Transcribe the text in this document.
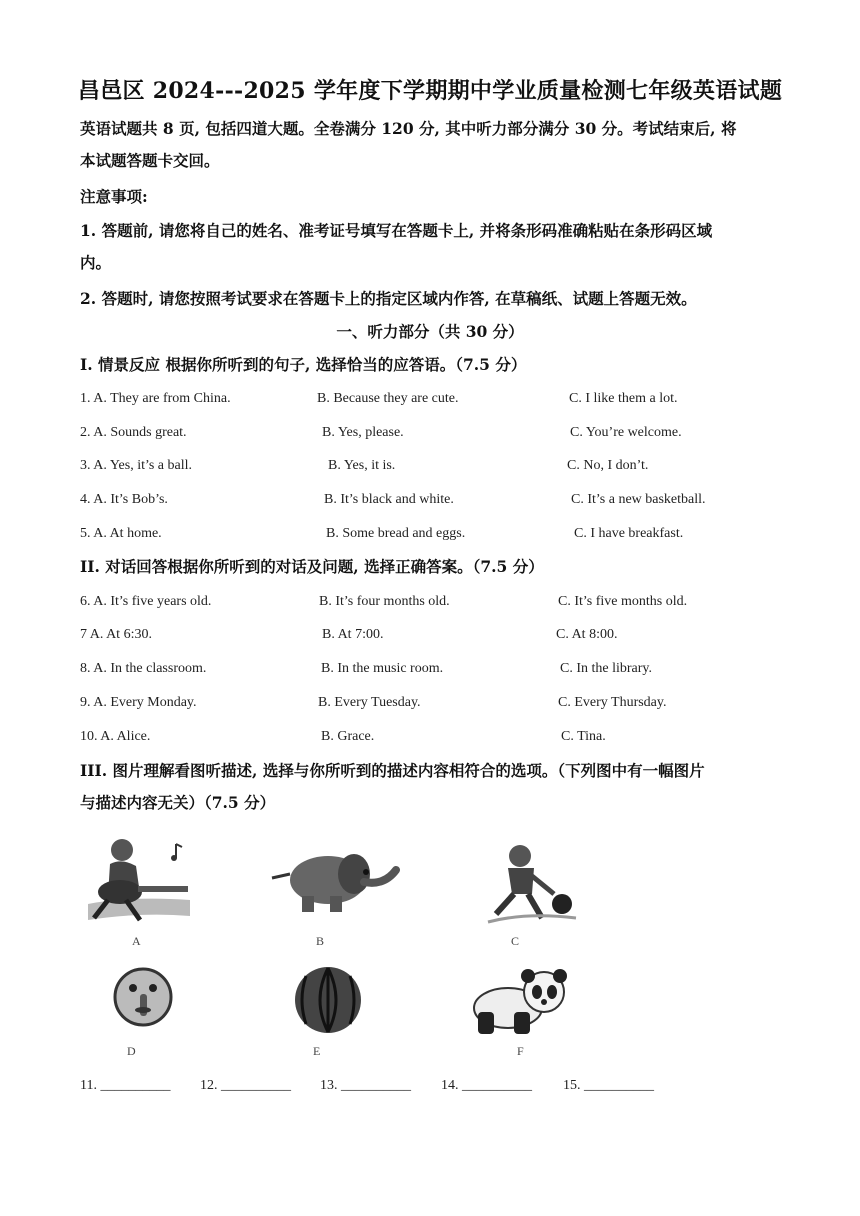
昌邑区 2024---2025 学年度下学期期中学业质量检测七年级英语试题
英语试题共 8 页, 包括四道大题。全卷满分 120 分, 其中听力部分满分 30 分。考试结束后, 将
本试题答题卡交回。
注意事项:
1. 答题前, 请您将自己的姓名、准考证号填写在答题卡上, 并将条形码准确粘贴在条形码区域
内。
2. 答题时, 请您按照考试要求在答题卡上的指定区域内作答, 在草稿纸、试题上答题无效。
一、听力部分（共 30 分）
I. 情景反应 根据你所听到的句子, 选择恰当的应答语。（7.5 分）
1. A. They are from China.	B. Because they are cute.	C. I like them a lot.
2. A. Sounds great.	B. Yes, please.	C. You’re welcome.
3. A. Yes, it’s a ball.	B. Yes, it is.	C. No, I don’t.
4. A. It’s Bob’s.	B. It’s black and white.	C. It’s a new basketball.
5. A. At home.	B. Some bread and eggs.	C. I have breakfast.
II. 对话回答根据你所听到的对话及问题, 选择正确答案。（7.5 分）
6. A. It’s five years old.	B. It’s four months old.	C. It’s five months old.
7 A. At 6:30.	B. At 7:00.	C. At 8:00.
8. A. In the classroom.	B. In the music room.	C. In the library.
9. A. Every Monday.	B. Every Tuesday.	C. Every Thursday.
10. A. Alice.	B. Grace.	C. Tina.
III. 图片理解看图听描述, 选择与你所听到的描述内容相符合的选项。（下列图中有一幅图片
与描述内容无关）（7.5 分）
A	B	C
D	E	F
11. __________ 12. __________ 13. __________ 14. __________ 15. __________
